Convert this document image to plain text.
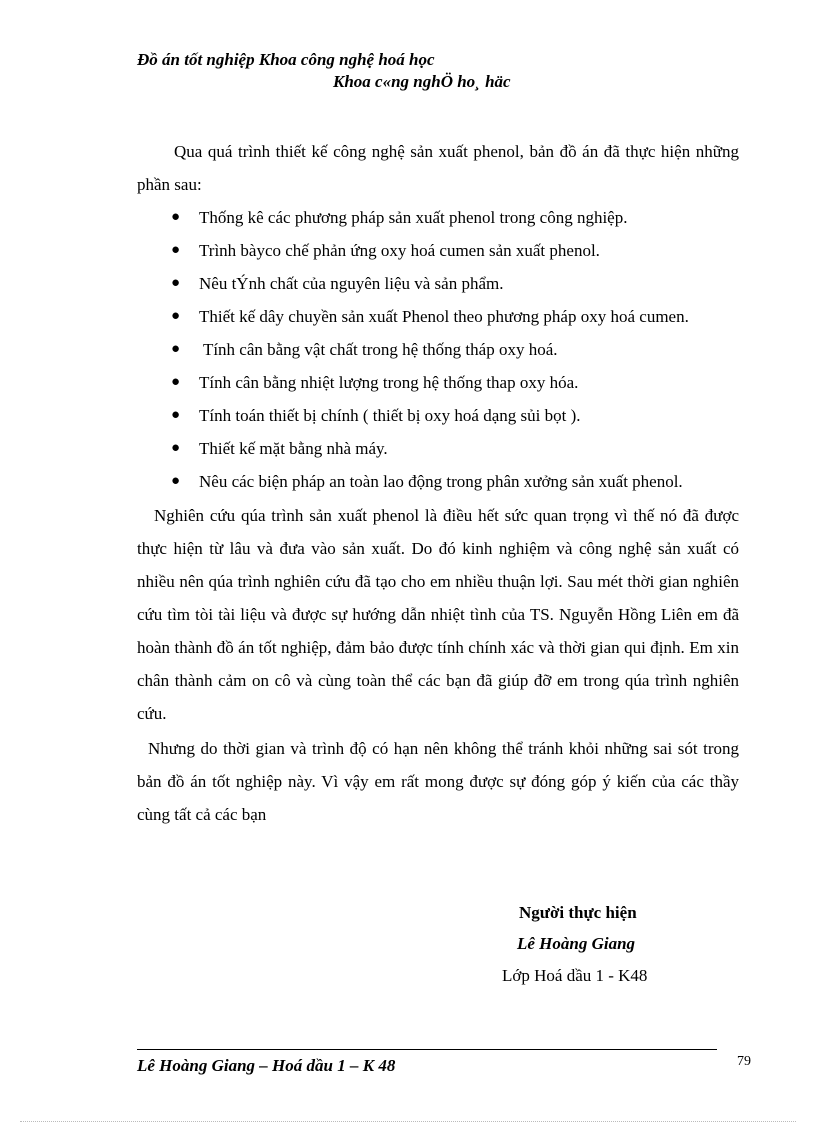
Đồ án tốt nghiệp Khoa công nghệ hoá học
Khoa c«ng nghÖ ho¸ häc
Qua quá trình thiết kế công nghệ sản xuất phenol, bản đồ án đã thực hiện những phần sau:
● Thống kê các phương pháp sản xuất phenol trong công nghiệp.
● Trình bàyco chế phản ứng oxy hoá cumen sản xuất phenol.
● Nêu tÝnh chất của nguyên liệu và sản phẩm.
● Thiết kế dây chuyền sản xuất Phenol theo phương pháp oxy hoá cumen.
● Tính cân bằng vật chất trong hệ thống tháp oxy hoá.
● Tính cân bằng nhiệt lượng trong hệ thống thap oxy hóa.
● Tính toán thiết bị chính ( thiết bị oxy hoá dạng sủi bọt ).
● Thiết kế mặt bằng nhà máy.
● Nêu các biện pháp an toàn lao động trong phân xưởng sản xuất phenol.
Nghiên cứu qúa trình sản xuất phenol là điều hết sức quan trọng vì thế nó đã được thực hiện từ lâu và đưa vào sản xuất. Do đó kinh nghiệm và công nghệ sản xuất có nhiều nên qúa trình nghiên cứu đã tạo cho em nhiều thuận lợi. Sau mét thời gian nghiên cứu tìm tòi tài liệu và được sự hướng dẫn nhiệt tình của TS. Nguyễn Hồng Liên em đã hoàn thành đồ án tốt nghiệp, đảm bảo được tính chính xác và thời gian qui định. Em xin chân thành cảm on cô và cùng toàn thể các bạn đã giúp đỡ em trong qúa trình nghiên cứu.
Nhưng do thời gian và trình độ có hạn nên không thể tránh khỏi những sai sót trong bản đồ án tốt nghiệp này. Vì vậy em rất mong được sự đóng góp ý kiến của các thầy cùng tất cả các bạn
Người thực hiện
Lê Hoàng Giang
Lớp Hoá dầu 1 - K48
Lê Hoàng Giang – Hoá dầu 1 – K 48	79
